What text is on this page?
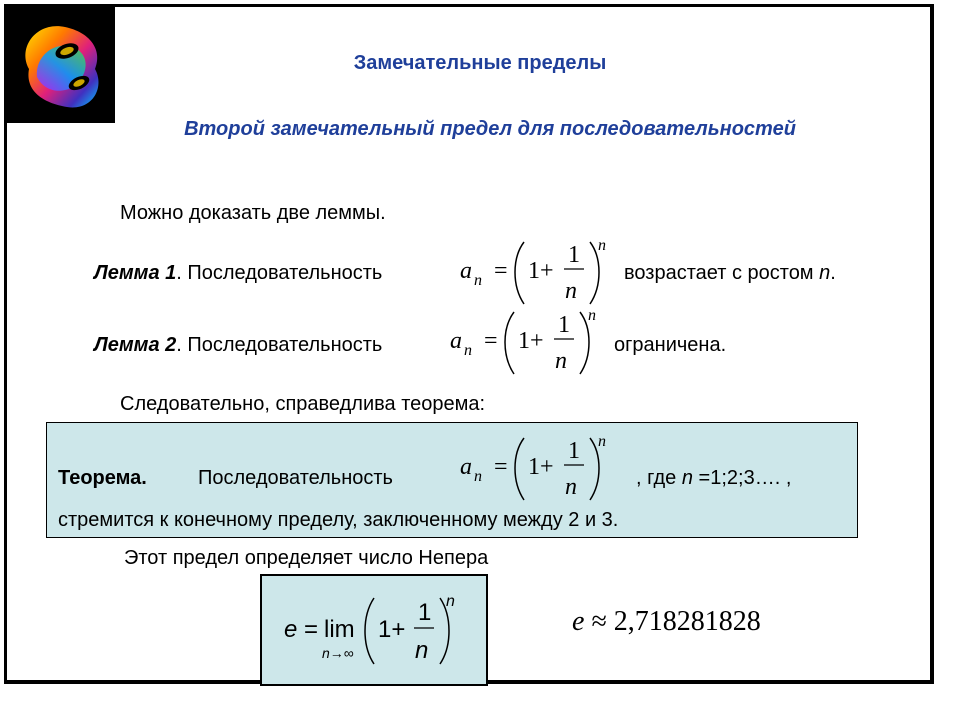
Замечательные пределы
Второй замечательный предел для последовательностей
Можно доказать две леммы.
Лемма 1. Последовательность	a n = 1+
1
n
n
возрастает с ростом n.
Лемма 2. Последовательность	a n = 1+
1
n
n
ограничена.
Следовательно, справедлива теорема:
Теорема.	Последовательность	a n = 1+
1
n
n
, где n =1;2;3…. ,
стремится к конечному пределу, заключенному между 2 и 3.
Этот предел определяет число Непера
e = lim
n→∞
1+
1
n
n
e ≈ 2,718281828
